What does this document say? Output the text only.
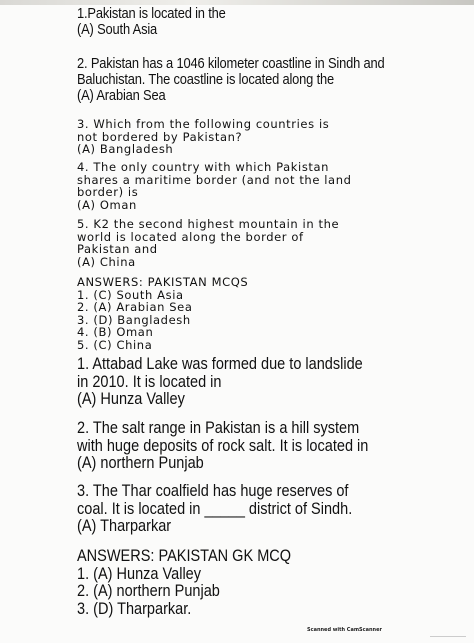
1.Pakistan is located in the
(A) South Asia
2. Pakistan has a 1046 kilometer coastline in Sindh and
Baluchistan. The coastline is located along the
(A) Arabian Sea
3. Which from the following countries is
not bordered by Pakistan?
(A) Bangladesh
4. The only country with which Pakistan
shares a maritime border (and not the land
border) is
(A) Oman
5. K2 the second highest mountain in the
world is located along the border of
Pakistan and
(A) China
ANSWERS: PAKISTAN MCQS
1. (C) South Asia
2. (A) Arabian Sea
3. (D) Bangladesh
4. (B) Oman
5. (C) China
1. Attabad Lake was formed due to landslide
in 2010. It is located in
(A) Hunza Valley
2. The salt range in Pakistan is a hill system
with huge deposits of rock salt. It is located in
(A) northern Punjab
3. The Thar coalfield has huge reserves of
coal. It is located in _____ district of Sindh.
(A) Tharparkar
ANSWERS: PAKISTAN GK MCQ
1. (A) Hunza Valley
2. (A) northern Punjab
3. (D) Tharparkar.
Scanned with CamScanner
